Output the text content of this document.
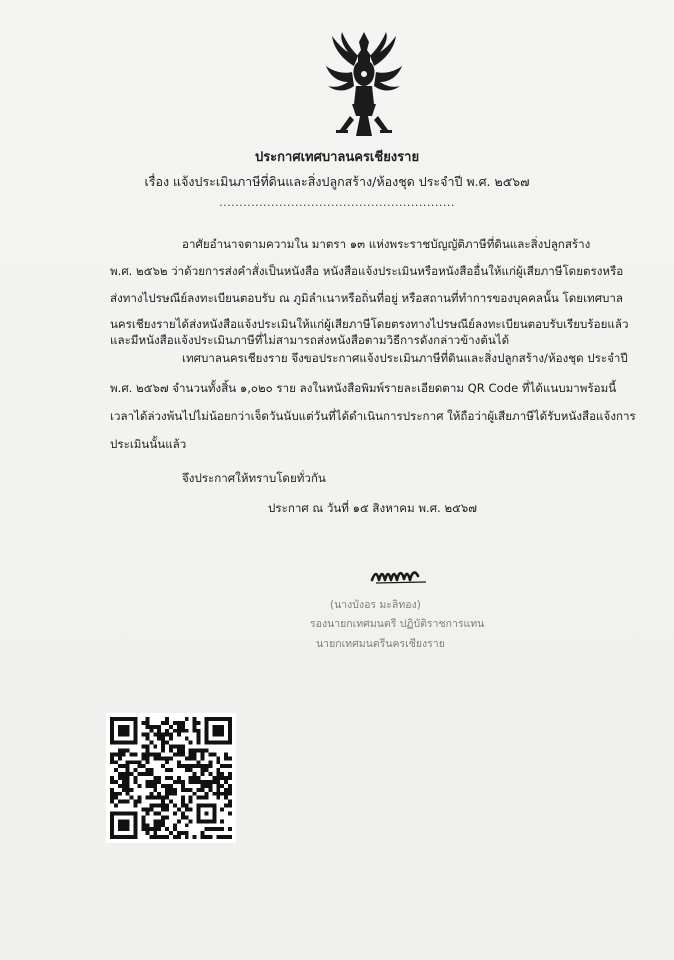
ประกาศเทศบาลนครเชียงราย
เรื่อง แจ้งประเมินภาษีที่ดินและสิ่งปลูกสร้าง/ห้องชุด ประจำปี พ.ศ. ๒๕๖๗
...........................................................
อาศัยอำนาจตามความใน มาตรา ๑๓ แห่งพระราชบัญญัติภาษีที่ดินและสิ่งปลูกสร้าง
พ.ศ. ๒๕๖๒ ว่าด้วยการส่งคำสั่งเป็นหนังสือ หนังสือแจ้งประเมินหรือหนังสืออื่นให้แก่ผู้เสียภาษีโดยตรงหรือ
ส่งทางไปรษณีย์ลงทะเบียนตอบรับ ณ ภูมิลำเนาหรือถิ่นที่อยู่ หรือสถานที่ทำการของบุคคลนั้น โดยเทศบาล
นครเชียงรายได้ส่งหนังสือแจ้งประเมินให้แก่ผู้เสียภาษีโดยตรงทางไปรษณีย์ลงทะเบียนตอบรับเรียบร้อยแล้ว
และมีหนังสือแจ้งประเมินภาษีที่ไม่สามารถส่งหนังสือตามวิธีการดังกล่าวข้างต้นได้
เทศบาลนครเชียงราย จึงขอประกาศแจ้งประเมินภาษีที่ดินและสิ่งปลูกสร้าง/ห้องชุด ประจำปี
พ.ศ. ๒๕๖๗ จำนวนทั้งสิ้น ๑,๐๒๐ ราย ลงในหนังสือพิมพ์รายละเอียดตาม QR Code ที่ได้แนบมาพร้อมนี้
เวลาได้ล่วงพ้นไปไม่น้อยกว่าเจ็ดวันนับแต่วันที่ได้ดำเนินการประกาศ ให้ถือว่าผู้เสียภาษีได้รับหนังสือแจ้งการ
ประเมินนั้นแล้ว
จึงประกาศให้ทราบโดยทั่วกัน
ประกาศ ณ วันที่ ๑๕ สิงหาคม พ.ศ. ๒๕๖๗
(นางบังอร มะลิทอง)
รองนายกเทศมนตรี ปฏิบัติราชการแทน
นายกเทศมนตรีนครเชียงราย
